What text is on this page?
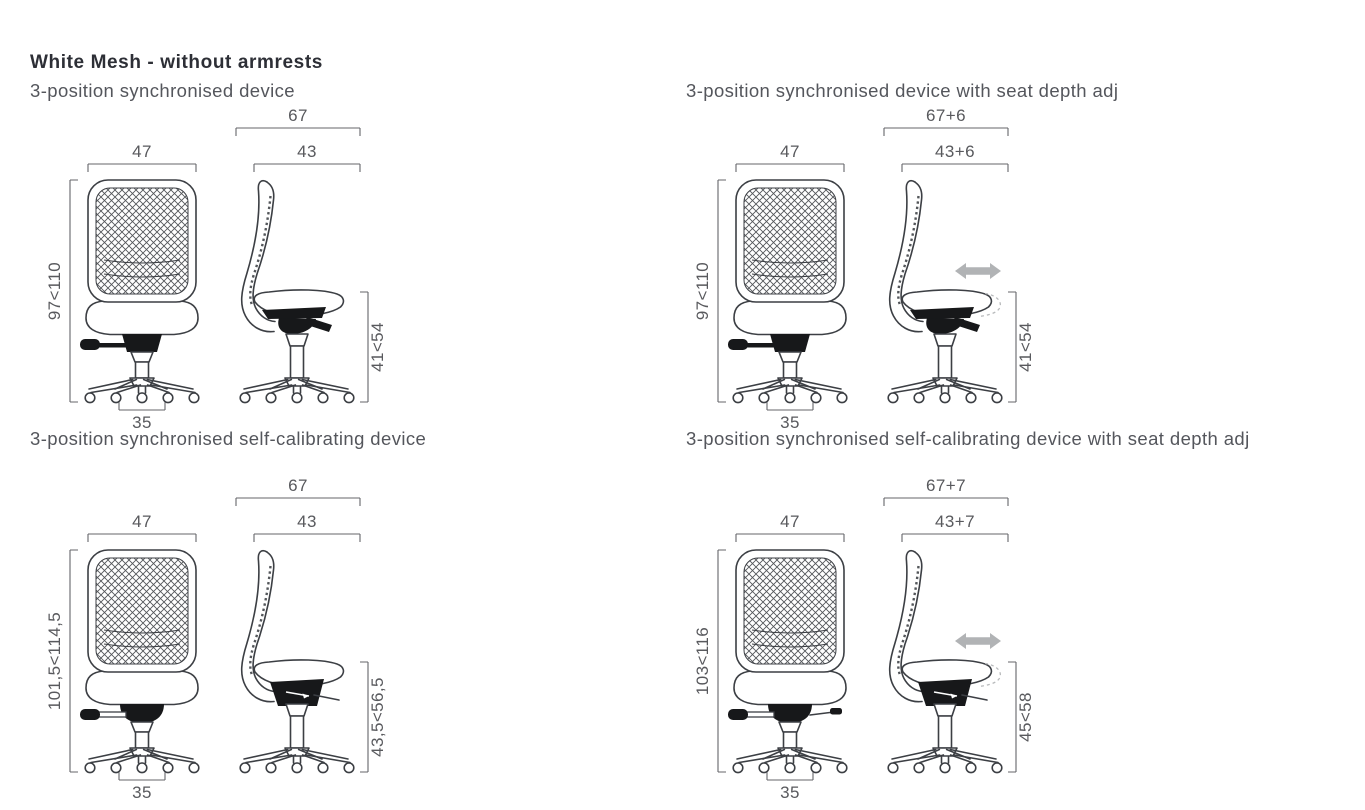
White Mesh - without armrests
3-position synchronised device
47
97<110
35
67
43
41<54
3-position synchronised device with seat depth adj
47
97<110
35
67+6
43+6
41<54
3-position synchronised self-calibrating device
47
101,5<114,5
35
67
43
43,5<56,5
3-position synchronised self-calibrating device with seat depth adj
47
103<116
35
67+7
43+7
45<58
